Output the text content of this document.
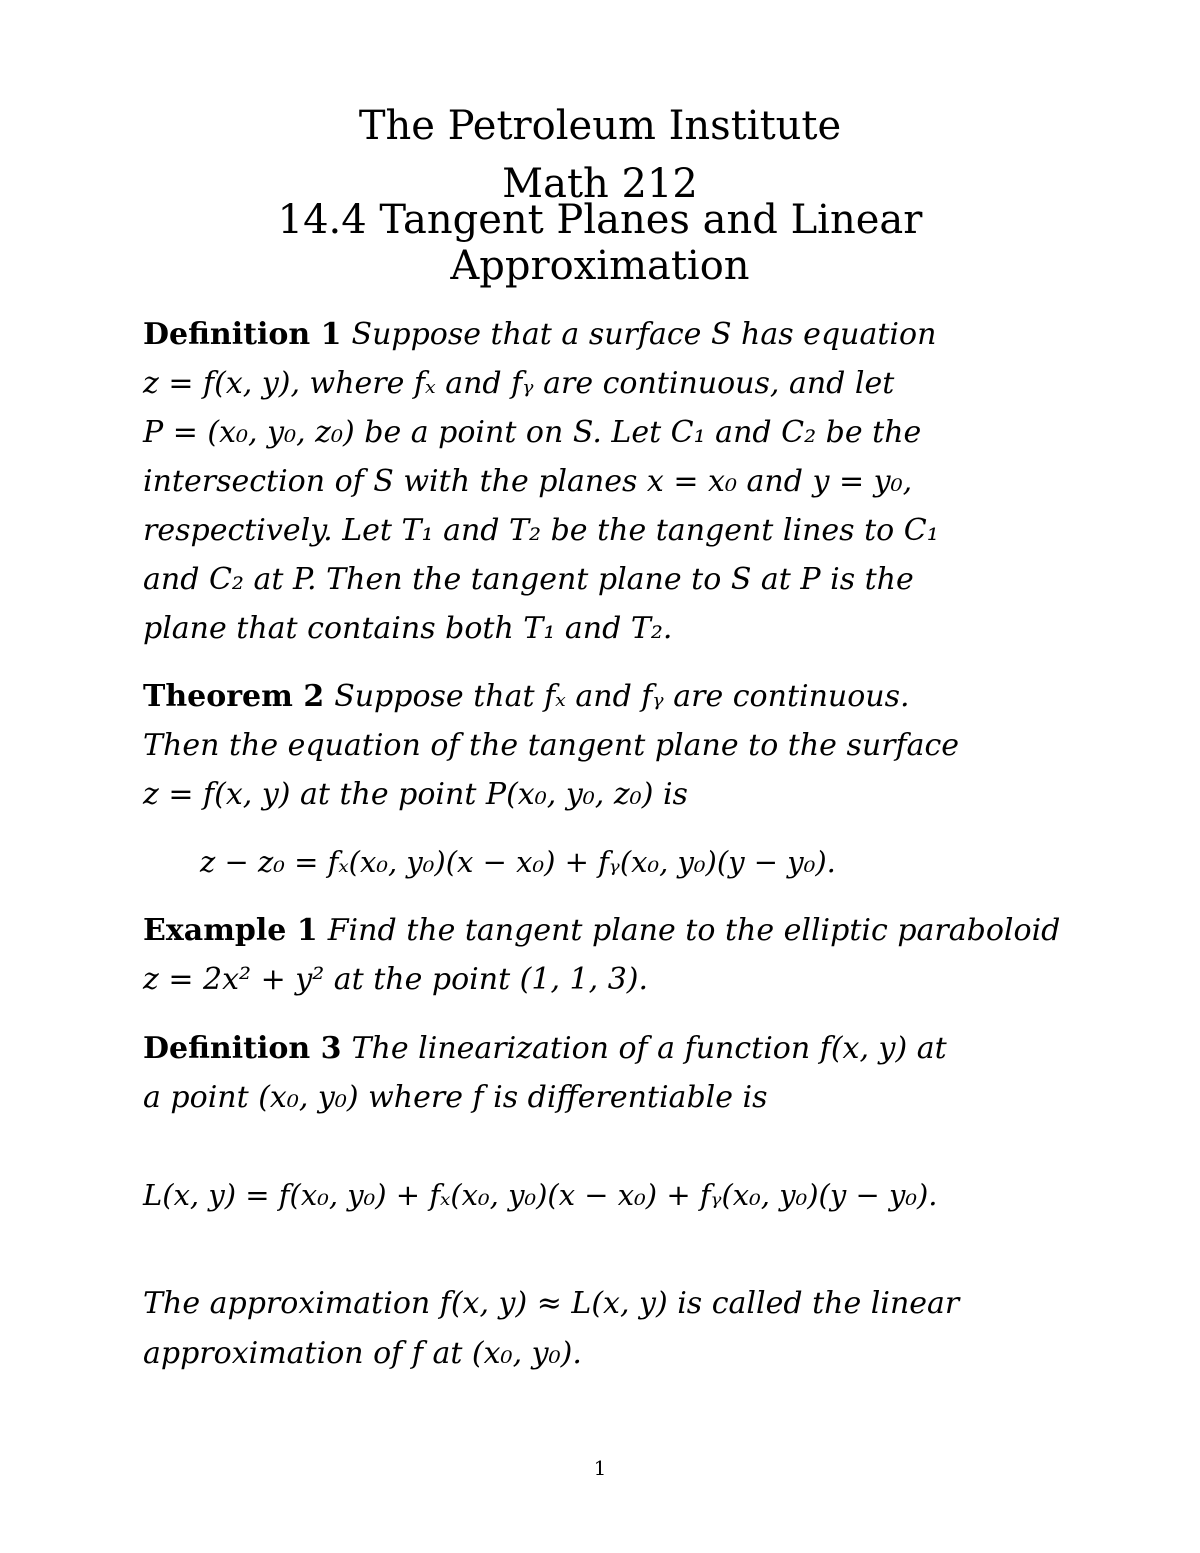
The Petroleum Institute
Math 212
14.4 Tangent Planes and Linear
Approximation
Definition 1 Suppose that a surface S has equation
z = f(x, y), where fₓ and fᵧ are continuous, and let
P = (x₀, y₀, z₀) be a point on S. Let C₁ and C₂ be the
intersection of S with the planes x = x₀ and y = y₀,
respectively. Let T₁ and T₂ be the tangent lines to C₁
and C₂ at P. Then the tangent plane to S at P is the
plane that contains both T₁ and T₂.
Theorem 2 Suppose that fₓ and fᵧ are continuous.
Then the equation of the tangent plane to the surface
z = f(x, y) at the point P(x₀, y₀, z₀) is
z − z₀ = fₓ(x₀, y₀)(x − x₀) + fᵧ(x₀, y₀)(y − y₀).
Example 1 Find the tangent plane to the elliptic paraboloid
z = 2x² + y² at the point (1, 1, 3).
Definition 3 The linearization of a function f(x, y) at
a point (x₀, y₀) where f is differentiable is
L(x, y) = f(x₀, y₀) + fₓ(x₀, y₀)(x − x₀) + fᵧ(x₀, y₀)(y − y₀).
The approximation f(x, y) ≈ L(x, y) is called the linear
approximation of f at (x₀, y₀).
1
